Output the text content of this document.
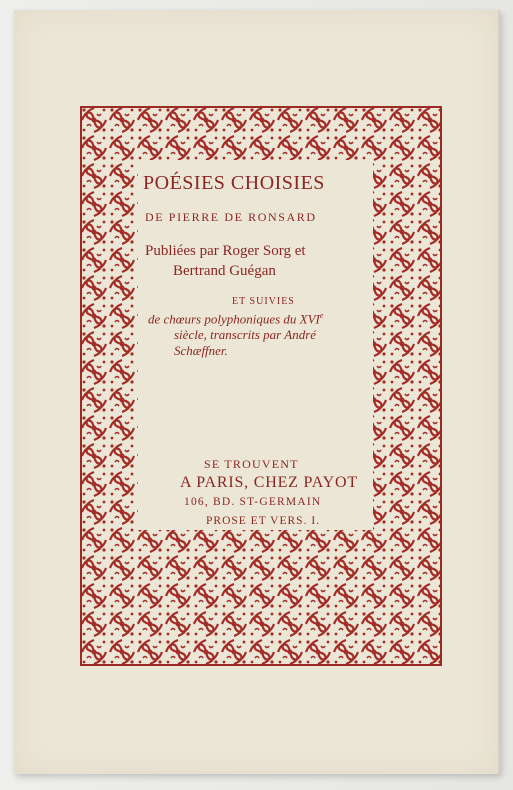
POÉSIES CHOISIES
DE PIERRE DE RONSARD
Publiées par Roger Sorg et
Bertrand Guégan
ET SUIVIES
de chœurs polyphoniques du XVIe
siècle, transcrits par André
Schæffner.
SE TROUVENT
A PARIS, CHEZ PAYOT
106, BD. ST-GERMAIN
PROSE ET VERS. I.
